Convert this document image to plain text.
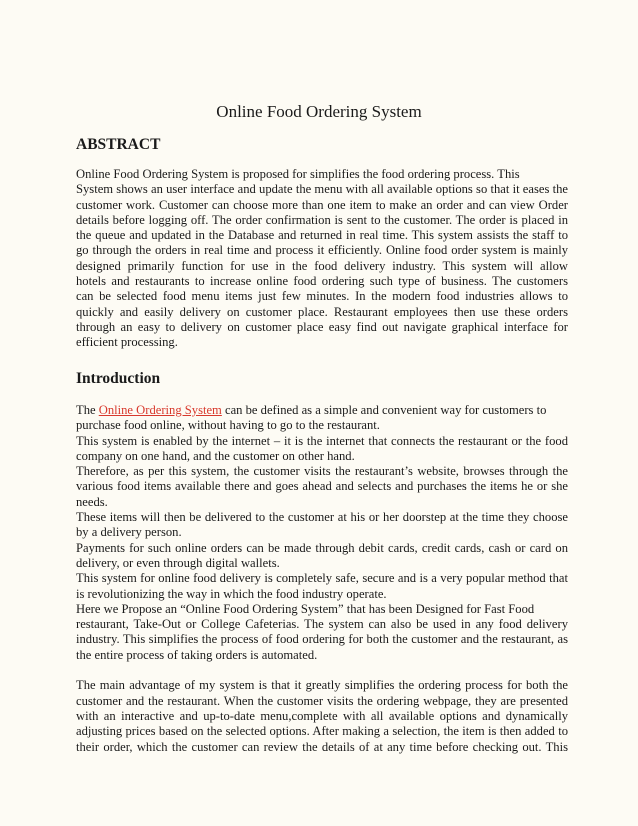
Online Food Ordering System
ABSTRACT
Online Food Ordering System is proposed for simplifies the food ordering process. This
System shows an user interface and update the menu with all available options so that it eases the
customer work. Customer can choose more than one item to make an order and can view Order
details before logging off. The order confirmation is sent to the customer. The order is placed in
the queue and updated in the Database and returned in real time. This system assists the staff to
go through the orders in real time and process it efficiently. Online food order system is mainly
designed primarily function for use in the food delivery industry. This system will allow
hotels and restaurants to increase online food ordering such type of business. The customers
can be selected food menu items just few minutes. In the modern food industries allows to
quickly and easily delivery on customer place. Restaurant employees then use these orders
through an easy to delivery on customer place easy find out navigate graphical interface for
efficient processing.
Introduction
The Online Ordering System can be defined as a simple and convenient way for customers to
purchase food online, without having to go to the restaurant.
This system is enabled by the internet – it is the internet that connects the restaurant or the food
company on one hand, and the customer on other hand.
Therefore, as per this system, the customer visits the restaurant’s website, browses through the
various food items available there and goes ahead and selects and purchases the items he or she
needs.
These items will then be delivered to the customer at his or her doorstep at the time they choose
by a delivery person.
Payments for such online orders can be made through debit cards, credit cards, cash or card on
delivery, or even through digital wallets.
This system for online food delivery is completely safe, secure and is a very popular method that
is revolutionizing the way in which the food industry operate.
Here we Propose an “Online Food Ordering System” that has been Designed for Fast Food
restaurant, Take-Out or College Cafeterias. The system can also be used in any food delivery
industry. This simplifies the process of food ordering for both the customer and the restaurant, as
the entire process of taking orders is automated.
The main advantage of my system is that it greatly simplifies the ordering process for both the
customer and the restaurant. When the customer visits the ordering webpage, they are presented
with an interactive and up-to-date menu,complete with all available options and dynamically
adjusting prices based on the selected options. After making a selection, the item is then added to
their order, which the customer can review the details of at any time before checking out. This
